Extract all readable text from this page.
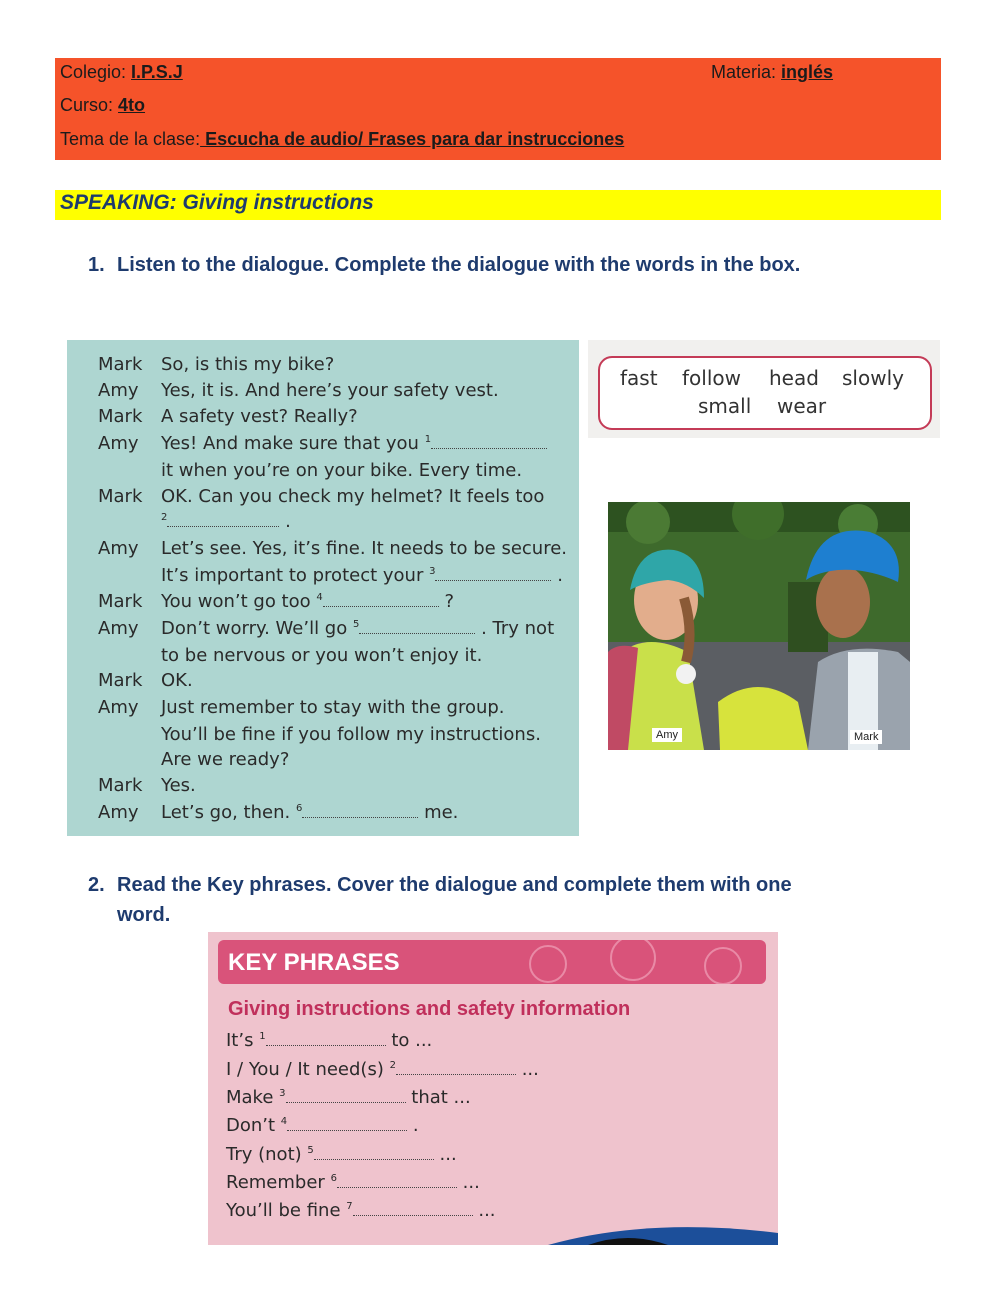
Colegio: I.P.S.J	Materia: inglés
Curso: 4to
Tema de la clase: Escucha de audio/ Frases para dar instrucciones
SPEAKING: Giving instructions
1. Listen to the dialogue. Complete the dialogue with the words in the box.
Mark So, is this my bike?
Amy Yes, it is. And here’s your safety vest.
Mark A safety vest? Really?
Amy Yes! And make sure that you $^1$
it when you’re on your bike. Every time.
Mark OK. Can you check my helmet? It feels too
$^2$	.
Amy Let’s see. Yes, it’s fine. It needs to be secure.
It’s important to protect your $^3$	.
Mark You won’t go too $^4$	?
Amy Don’t worry. We’ll go $^5$	. Try not
to be nervous or you won’t enjoy it.
Mark OK.
Amy Just remember to stay with the group.
You’ll be fine if you follow my instructions.
Are we ready?
Mark Yes.
Amy Let’s go, then. $^6$	me.
fast follow head slowly
small wear
Amy	Mark
2. Read the Key phrases. Cover the dialogue and complete them with one
word.
KEY PHRASES
Giving instructions and safety information
It’s $^1$	to ...
I / You / It need(s) $^2$	...
Make $^3$	that ...
Don’t $^4$	.
Try (not) $^5$	...
Remember $^6$	...
You’ll be fine $^7$	...
